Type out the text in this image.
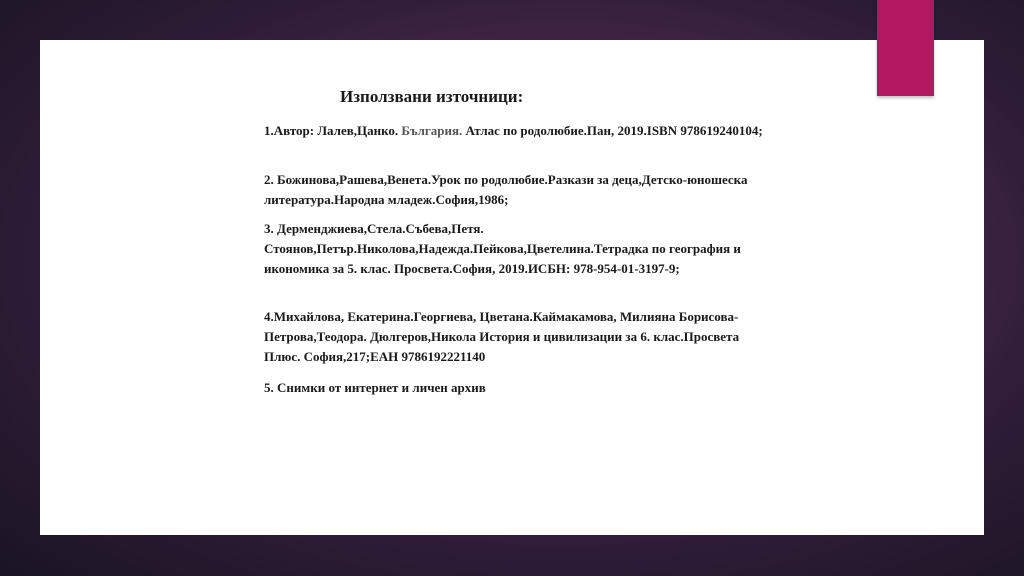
Използвани източници:

1.Автор: Лалев,Цанко. България. Атлас по родолюбие.Пан, 2019.ISBN 978619240104;

2. Божинова,Рашева,Венета.Урок по родолюбие.Разкази за деца,Детско-юношеска литература.Народна младеж.София,1986;

3. Дерменджиева,Стела.Събева,Петя. Стоянов,Петър.Николова,Надежда.Пейкова,Цветелина.Тетрадка по география и икономика за 5. клас. Просвета.София, 2019.ИСБН: 978-954-01-3197-9;

4.Михайлова, Екатерина.Георгиева, Цветана.Каймакамова, Милияна Борисова-Петрова,Теодора. Дюлгеров,Никола История и цивилизации за 6. клас.Просвета Плюс. София,217;ЕАН 9786192221140

5. Снимки от интернет и личен архив
